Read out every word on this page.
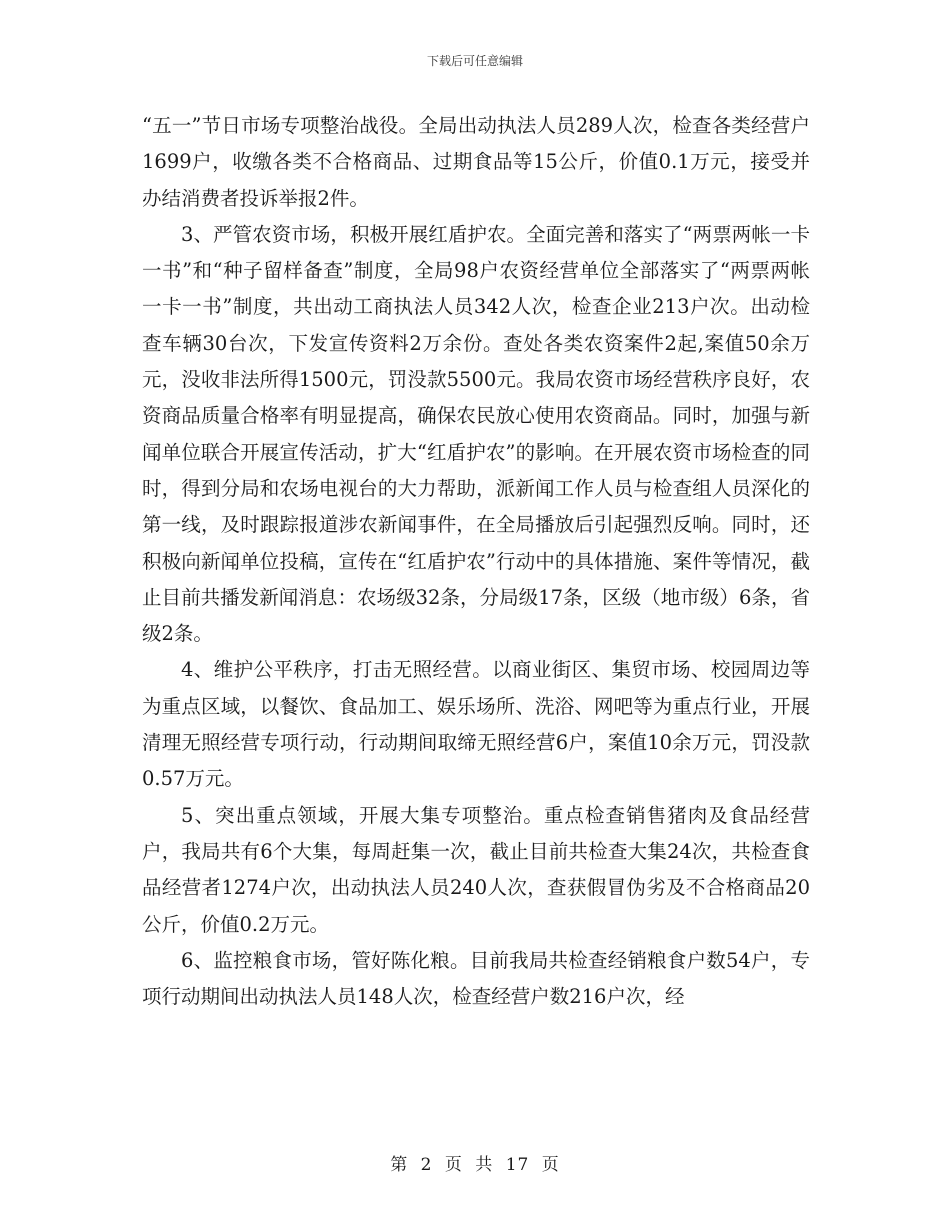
下载后可任意编辑

“五一”节日市场专项整治战役。全局出动执法人员289人次，检查各类经营户1699户，收缴各类不合格商品、过期食品等15公斤，价值0.1万元，接受并办结消费者投诉举报2件。

3、严管农资市场，积极开展红盾护农。全面完善和落实了“两票两帐一卡一书”和“种子留样备查”制度，全局98户农资经营单位全部落实了“两票两帐一卡一书”制度，共出动工商执法人员342人次，检查企业213户次。出动检查车辆30台次，下发宣传资料2万余份。查处各类农资案件2起,案值50余万元，没收非法所得1500元，罚没款5500元。我局农资市场经营秩序良好，农资商品质量合格率有明显提高，确保农民放心使用农资商品。同时，加强与新闻单位联合开展宣传活动，扩大“红盾护农”的影响。在开展农资市场检查的同时，得到分局和农场电视台的大力帮助，派新闻工作人员与检查组人员深化的第一线，及时跟踪报道涉农新闻事件，在全局播放后引起强烈反响。同时，还积极向新闻单位投稿，宣传在“红盾护农”行动中的具体措施、案件等情况，截止目前共播发新闻消息：农场级32条，分局级17条，区级（地市级）6条，省级2条。

4、维护公平秩序，打击无照经营。以商业街区、集贸市场、校园周边等为重点区域，以餐饮、食品加工、娱乐场所、洗浴、网吧等为重点行业，开展清理无照经营专项行动，行动期间取缔无照经营6户，案值10余万元，罚没款0.57万元。

5、突出重点领域，开展大集专项整治。重点检查销售猪肉及食品经营户，我局共有6个大集，每周赶集一次，截止目前共检查大集24次，共检查食品经营者1274户次，出动执法人员240人次，查获假冒伪劣及不合格商品20公斤，价值0.2万元。

6、监控粮食市场，管好陈化粮。目前我局共检查经销粮食户数54户，专项行动期间出动执法人员148人次，检查经营户数216户次，经

第 2 页 共 17 页
